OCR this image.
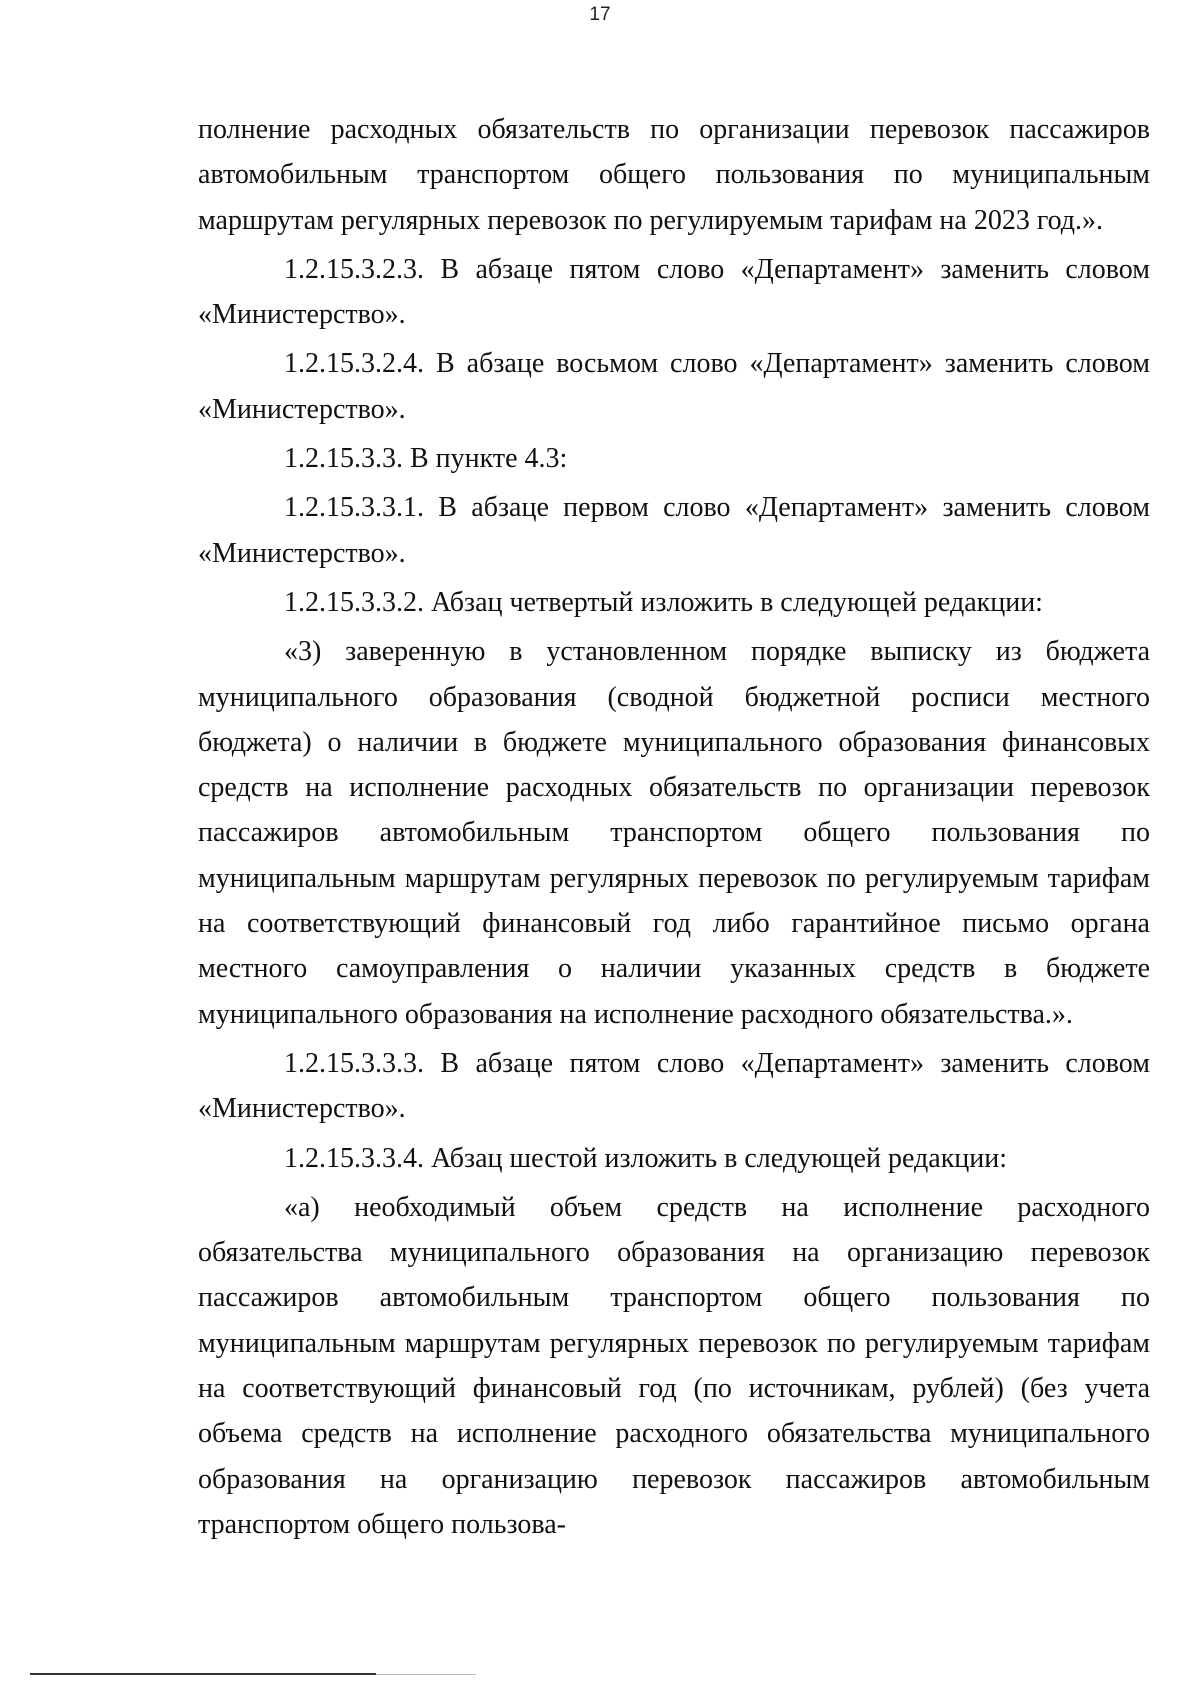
17

полнение расходных обязательств по организации перевозок пассажиров автомобильным транспортом общего пользования по муниципальным маршрутам регулярных перевозок по регулируемым тарифам на 2023 год.».

1.2.15.3.2.3. В абзаце пятом слово «Департамент» заменить словом «Министерство».

1.2.15.3.2.4. В абзаце восьмом слово «Департамент» заменить словом «Министерство».

1.2.15.3.3. В пункте 4.3:

1.2.15.3.3.1. В абзаце первом слово «Департамент» заменить словом «Министерство».

1.2.15.3.3.2. Абзац четвертый изложить в следующей редакции:

«3) заверенную в установленном порядке выписку из бюджета муниципального образования (сводной бюджетной росписи местного бюджета) о наличии в бюджете муниципального образования финансовых средств на исполнение расходных обязательств по организации перевозок пассажиров автомобильным транспортом общего пользования по муниципальным маршрутам регулярных перевозок по регулируемым тарифам на соответствующий финансовый год либо гарантийное письмо органа местного самоуправления о наличии указанных средств в бюджете муниципального образования на исполнение расходного обязательства.».

1.2.15.3.3.3. В абзаце пятом слово «Департамент» заменить словом «Министерство».

1.2.15.3.3.4. Абзац шестой изложить в следующей редакции:

«а) необходимый объем средств на исполнение расходного обязательства муниципального образования на организацию перевозок пассажиров автомобильным транспортом общего пользования по муниципальным маршрутам регулярных перевозок по регулируемым тарифам на соответствующий финансовый год (по источникам, рублей) (без учета объема средств на исполнение расходного обязательства муниципального образования на организацию перевозок пассажиров автомобильным транспортом общего пользова-
